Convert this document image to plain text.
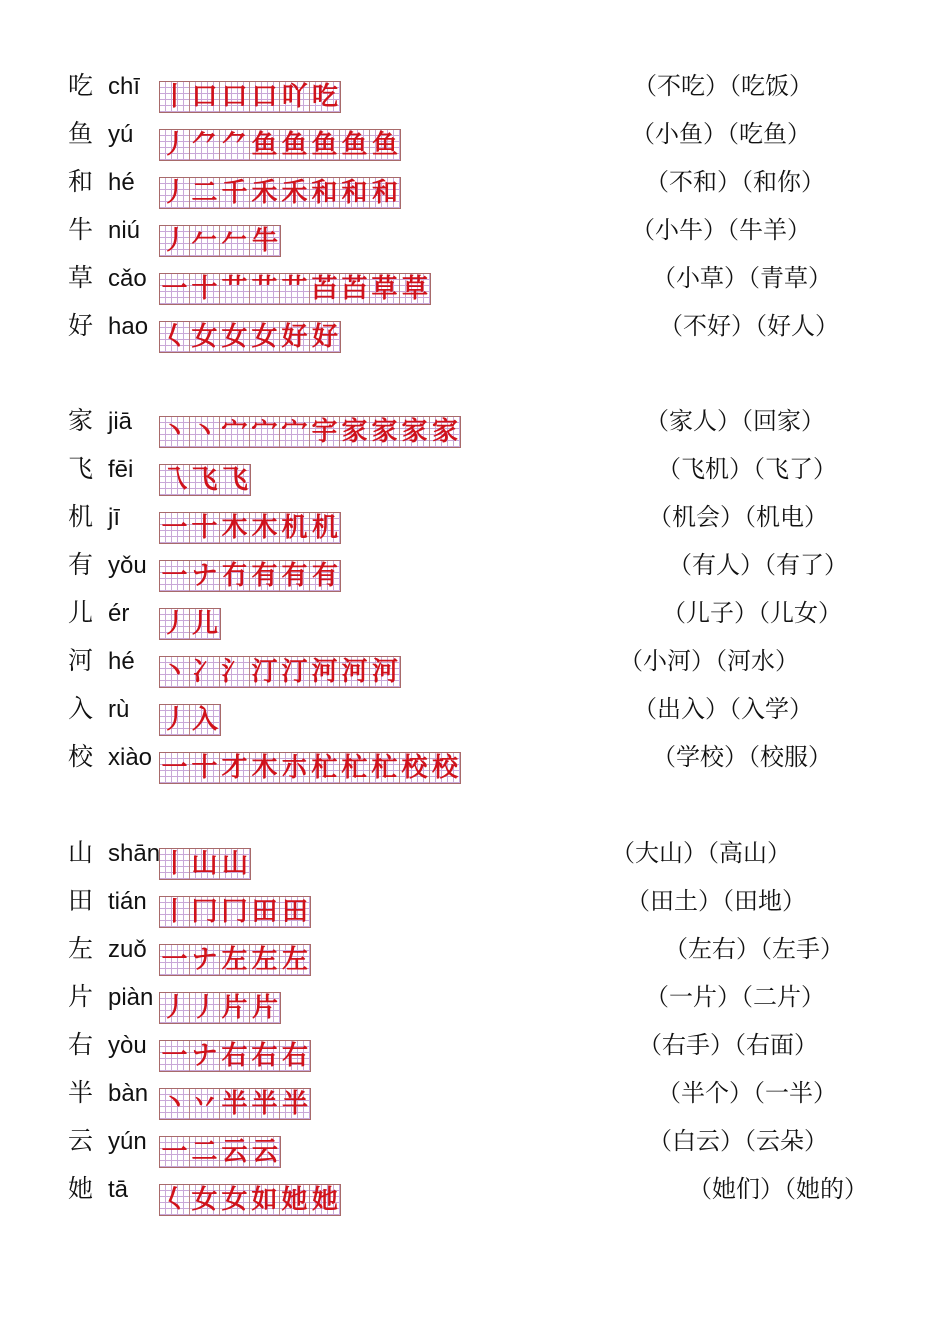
吃 chī 丨 口 口 口 吖 吃	（不吃）（吃饭）
鱼 yú 丿 ⺈ ⺈ 鱼 鱼 鱼 鱼 鱼	（小鱼）（吃鱼）
和 hé 丿 二 千 禾 禾 和 和 和	（不和）（和你）
牛 niú 丿 𠂉 𠂉 牛	（小牛）（牛羊）
草 cǎo 一 十 艹 艹 艹 苩 苩 草 草	（小草）（青草）
好 hao 𡿨 女 女 女 好 好	（不好）（好人）
家 jiā 丶 丶 宀 宀 宀 宇 家 家 家 家	（家人）（回家）
飞 fēi 乁 飞 飞	（飞机）（飞了）
机 jī 一 十 木 木 机 机	（机会）（机电）
有 yǒu 一 ナ 冇 有 有 有	（有人）（有了）
儿 ér 丿 儿	（儿子）（儿女）
河 hé 丶 冫 氵 汀 汀 河 河 河	（小河）（河水）
入 rù 丿 入	（出入）（入学）
校 xiào 一 十 才 木 朩 杧 杧 杧 校 校	（学校）（校服）
山 shān 丨 山 山	（大山）（高山）
田 tián 丨 冂 冂 田 田	（田土）（田地）
左 zuǒ 一 ナ 左 左 左	（左右）（左手）
片 piàn 丿 丿 片 片	（一片）（二片）
右 yòu 一 ナ 右 右 右	（右手）（右面）
半 bàn 丶 丷 半 半 半	（半个）（一半）
云 yún 一 二 云 云	（白云）（云朵）
她 tā 𡿨 女 女 如 她 她	（她们）（她的）
